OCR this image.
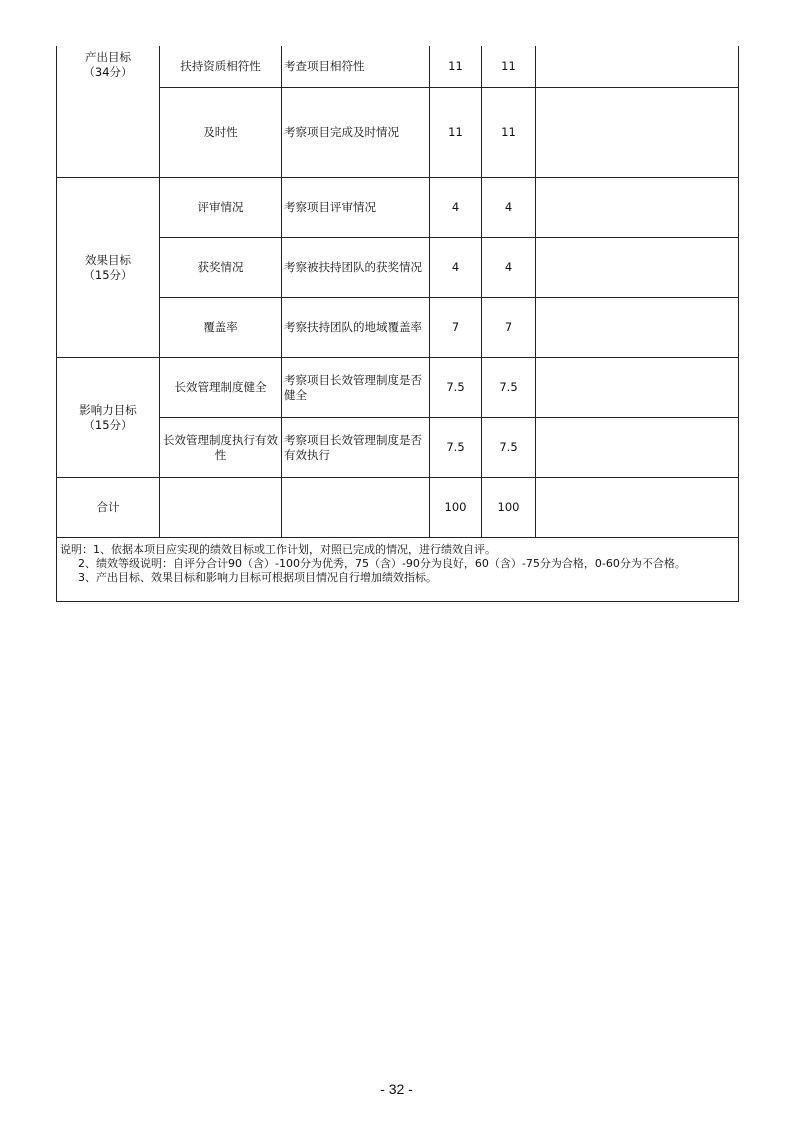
产出目标
（34分）	扶持资质相符性	考查项目相符性	11	11	
	及时性	考察项目完成及时情况	11	11	

效果目标
（15分）	评审情况	考察项目评审情况	4	4	
	获奖情况	考察被扶持团队的获奖情况	4	4	
	覆盖率	考察扶持团队的地域覆盖率	7	7	

影响力目标
（15分）	长效管理制度健全	考察项目长效管理制度是否健全	7.5	7.5	
	长效管理制度执行有效性	考察项目长效管理制度是否有效执行	7.5	7.5	
合计			100	100	

说明：1、依据本项目应实现的绩效目标或工作计划，对照已完成的情况，进行绩效自评。
2、绩效等级说明：自评分合计90（含）-100分为优秀，75（含）-90分为良好，60（含）-75分为合格，0-60分为不合格。
3、产出目标、效果目标和影响力目标可根据项目情况自行增加绩效指标。					
- 32 -
